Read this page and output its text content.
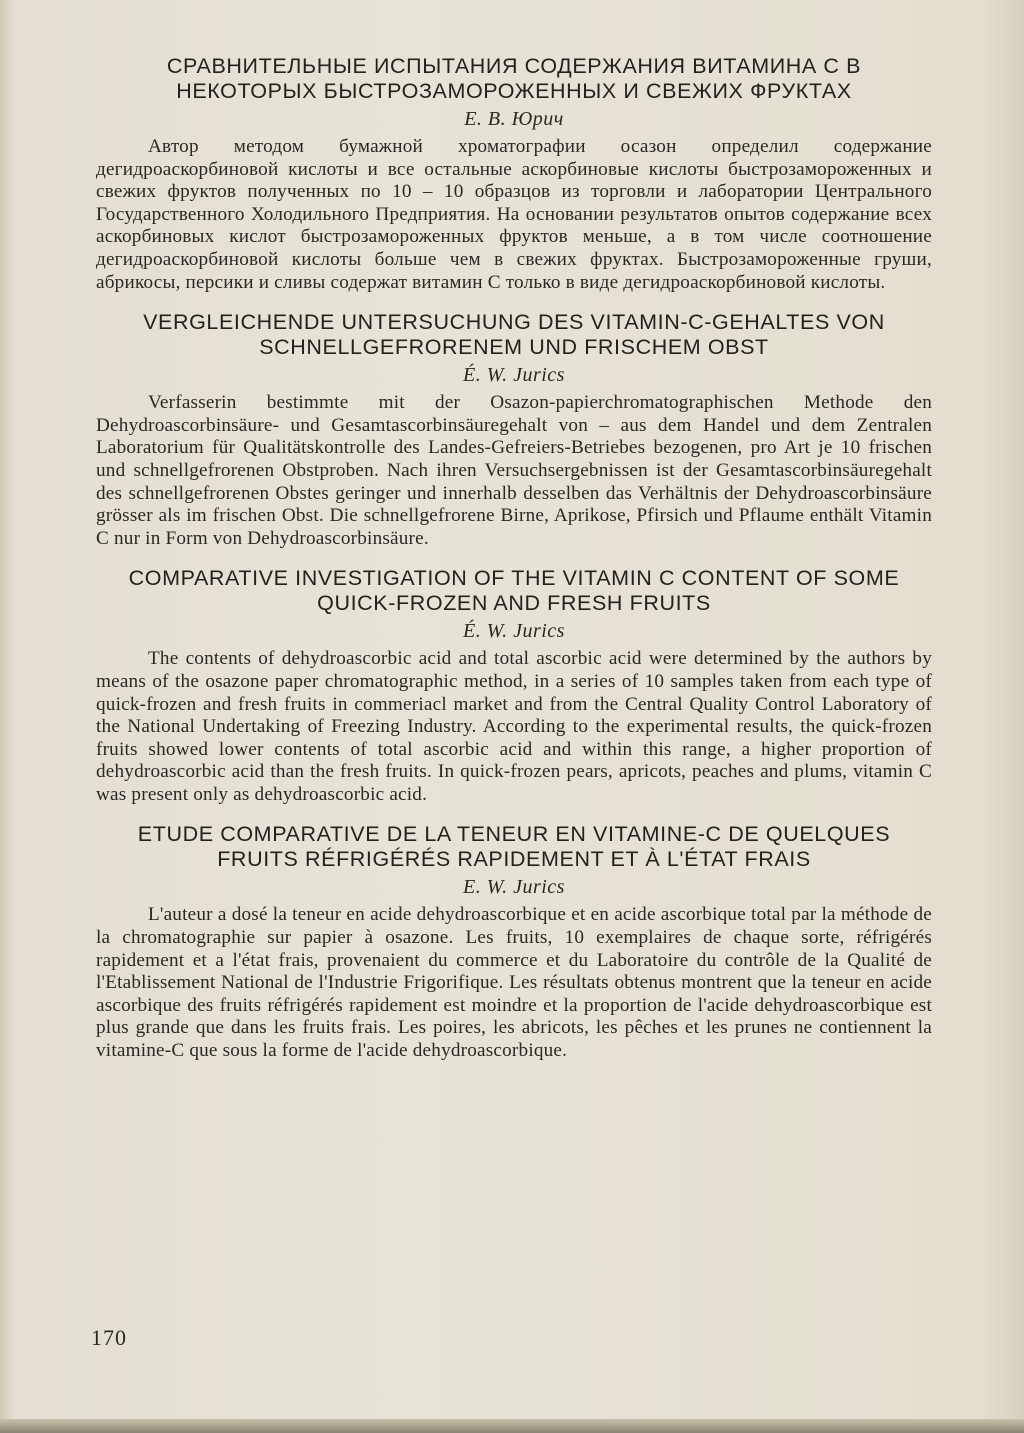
СРАВНИТЕЛЬНЫЕ ИСПЫТАНИЯ СОДЕРЖАНИЯ ВИТАМИНА С В НЕКОТОРЫХ БЫСТРОЗАМОРОЖЕННЫХ И СВЕЖИХ ФРУКТАХ
Е. В. Юрич

Автор методом бумажной хроматографии осазон определил содержание дегидроаскорбиновой кислоты и все остальные аскорбиновые кислоты быстрозамороженных и свежих фруктов полученных по 10 – 10 образцов из торговли и лаборатории Центрального Государственного Холодильного Предприятия. На основании результатов опытов содержание всех аскорбиновых кислот быстрозамороженных фруктов меньше, а в том числе соотношение дегидроаскорбиновой кислоты больше чем в свежих фруктах. Быстрозамороженные груши, абрикосы, персики и сливы содержат витамин С только в виде дегидроаскорбиновой кислоты.

VERGLEICHENDE UNTERSUCHUNG DES VITAMIN-C-GEHALTES VON SCHNELLGEFRORENEM UND FRISCHEM OBST
É. W. Jurics

Verfasserin bestimmte mit der Osazon-papierchromatographischen Methode den Dehydroascorbinsäure- und Gesamtascorbinsäuregehalt von – aus dem Handel und dem Zentralen Laboratorium für Qualitätskontrolle des Landes-Gefreiers-Betriebes bezogenen, pro Art je 10 frischen und schnellgefrorenen Obstproben. Nach ihren Versuchsergebnissen ist der Gesamtascorbinsäuregehalt des schnellgefrorenen Obstes geringer und innerhalb desselben das Verhältnis der Dehydroascorbinsäure grösser als im frischen Obst. Die schnellgefrorene Birne, Aprikose, Pfirsich und Pflaume enthält Vitamin C nur in Form von Dehydroascorbinsäure.

COMPARATIVE INVESTIGATION OF THE VITAMIN C CONTENT OF SOME QUICK-FROZEN AND FRESH FRUITS
É. W. Jurics

The contents of dehydroascorbic acid and total ascorbic acid were determined by the authors by means of the osazone paper chromatographic method, in a series of 10 samples taken from each type of quick-frozen and fresh fruits in commeriacl market and from the Central Quality Control Laboratory of the National Undertaking of Freezing Industry. According to the experimental results, the quick-frozen fruits showed lower contents of total ascorbic acid and within this range, a higher proportion of dehydroascorbic acid than the fresh fruits. In quick-frozen pears, apricots, peaches and plums, vitamin C was present only as dehydroascorbic acid.

ETUDE COMPARATIVE DE LA TENEUR EN VITAMINE-C DE QUELQUES FRUITS RÉFRIGÉRÉS RAPIDEMENT ET À L'ÉTAT FRAIS
E. W. Jurics

L'auteur a dosé la teneur en acide dehydroascorbique et en acide ascorbique total par la méthode de la chromatographie sur papier à osazone. Les fruits, 10 exemplaires de chaque sorte, réfrigérés rapidement et a l'état frais, provenaient du commerce et du Laboratoire du contrôle de la Qualité de l'Etablissement National de l'Industrie Frigorifique. Les résultats obtenus montrent que la teneur en acide ascorbique des fruits réfrigérés rapidement est moindre et la proportion de l'acide dehydroascorbique est plus grande que dans les fruits frais. Les poires, les abricots, les pêches et les prunes ne contiennent la vitamine-C que sous la forme de l'acide dehydroascorbique.

170
